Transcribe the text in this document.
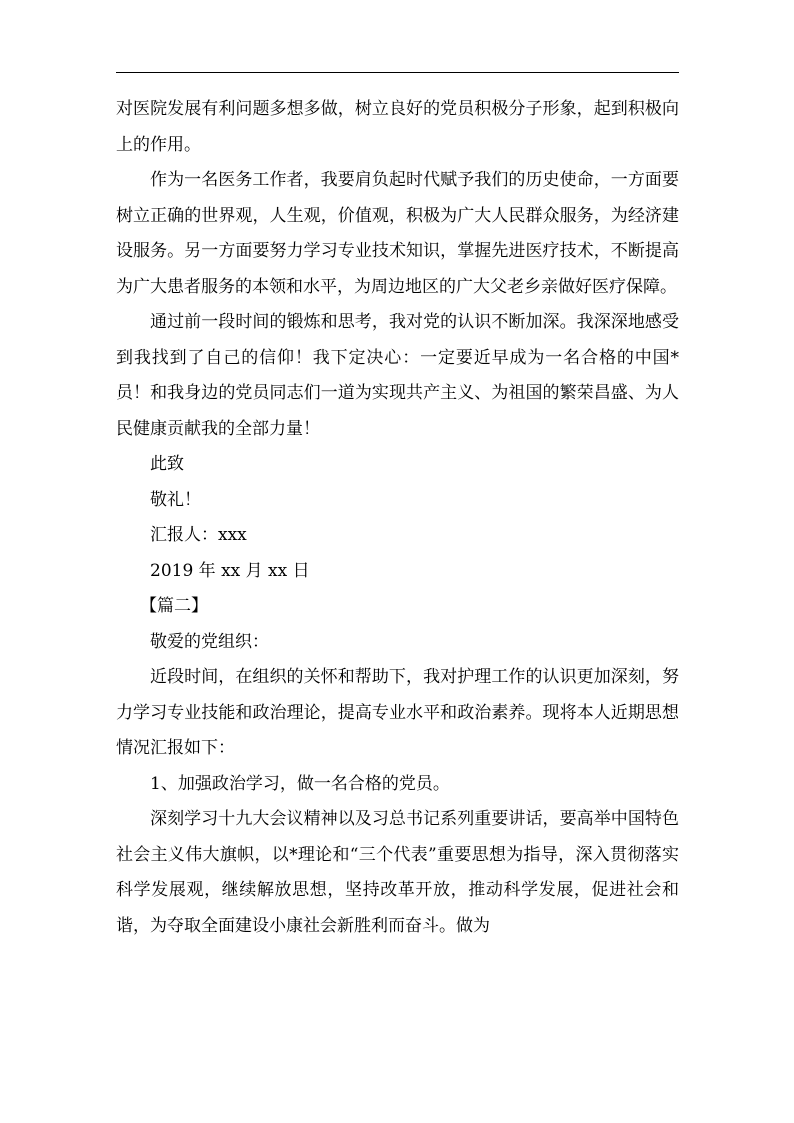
对医院发展有利问题多想多做，树立良好的党员积极分子形象，起到积极向上的作用。

作为一名医务工作者，我要肩负起时代赋予我们的历史使命，一方面要树立正确的世界观，人生观，价值观，积极为广大人民群众服务，为经济建设服务。另一方面要努力学习专业技术知识，掌握先进医疗技术，不断提高为广大患者服务的本领和水平，为周边地区的广大父老乡亲做好医疗保障。

通过前一段时间的锻炼和思考，我对党的认识不断加深。我深深地感受到我找到了自己的信仰！我下定决心：一定要近早成为一名合格的中国*员！和我身边的党员同志们一道为实现共产主义、为祖国的繁荣昌盛、为人民健康贡献我的全部力量！

此致

敬礼！

汇报人：xxx

2019 年 xx 月 xx 日

【篇二】

敬爱的党组织：

近段时间，在组织的关怀和帮助下，我对护理工作的认识更加深刻，努力学习专业技能和政治理论，提高专业水平和政治素养。现将本人近期思想情况汇报如下：

1、加强政治学习，做一名合格的党员。

深刻学习十九大会议精神以及习总书记系列重要讲话，要高举中国特色社会主义伟大旗帜，以*理论和“三个代表”重要思想为指导，深入贯彻落实科学发展观，继续解放思想，坚持改革开放，推动科学发展，促进社会和谐，为夺取全面建设小康社会新胜利而奋斗。做为
